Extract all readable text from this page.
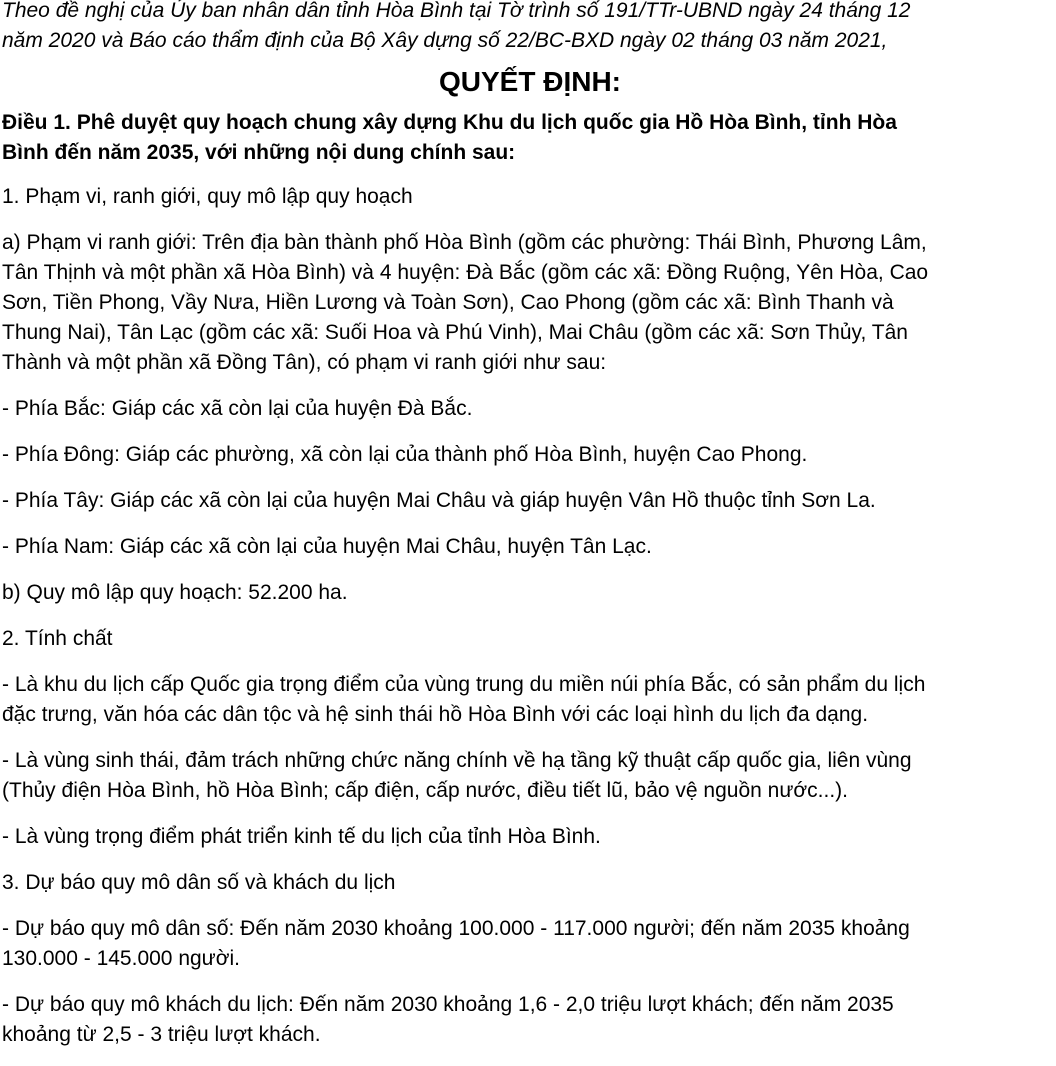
Theo đề nghị của Ủy ban nhân dân tỉnh Hòa Bình tại Tờ trình số 191/TTr-UBND ngày 24 tháng 12
năm 2020 và Báo cáo thẩm định của Bộ Xây dựng số 22/BC-BXD ngày 02 tháng 03 năm 2021,

QUYẾT ĐỊNH:

Điều 1. Phê duyệt quy hoạch chung xây dựng Khu du lịch quốc gia Hồ Hòa Bình, tỉnh Hòa
Bình đến năm 2035, với những nội dung chính sau:

1. Phạm vi, ranh giới, quy mô lập quy hoạch

a) Phạm vi ranh giới: Trên địa bàn thành phố Hòa Bình (gồm các phường: Thái Bình, Phương Lâm,
Tân Thịnh và một phần xã Hòa Bình) và 4 huyện: Đà Bắc (gồm các xã: Đồng Ruộng, Yên Hòa, Cao
Sơn, Tiền Phong, Vầy Nưa, Hiền Lương và Toàn Sơn), Cao Phong (gồm các xã: Bình Thanh và
Thung Nai), Tân Lạc (gồm các xã: Suối Hoa và Phú Vinh), Mai Châu (gồm các xã: Sơn Thủy, Tân
Thành và một phần xã Đồng Tân), có phạm vi ranh giới như sau:

- Phía Bắc: Giáp các xã còn lại của huyện Đà Bắc.

- Phía Đông: Giáp các phường, xã còn lại của thành phố Hòa Bình, huyện Cao Phong.

- Phía Tây: Giáp các xã còn lại của huyện Mai Châu và giáp huyện Vân Hồ thuộc tỉnh Sơn La.

- Phía Nam: Giáp các xã còn lại của huyện Mai Châu, huyện Tân Lạc.

b) Quy mô lập quy hoạch: 52.200 ha.

2. Tính chất

- Là khu du lịch cấp Quốc gia trọng điểm của vùng trung du miền núi phía Bắc, có sản phẩm du lịch
đặc trưng, văn hóa các dân tộc và hệ sinh thái hồ Hòa Bình với các loại hình du lịch đa dạng.

- Là vùng sinh thái, đảm trách những chức năng chính về hạ tầng kỹ thuật cấp quốc gia, liên vùng
(Thủy điện Hòa Bình, hồ Hòa Bình; cấp điện, cấp nước, điều tiết lũ, bảo vệ nguồn nước...).

- Là vùng trọng điểm phát triển kinh tế du lịch của tỉnh Hòa Bình.

3. Dự báo quy mô dân số và khách du lịch

- Dự báo quy mô dân số: Đến năm 2030 khoảng 100.000 - 117.000 người; đến năm 2035 khoảng
130.000 - 145.000 người.

- Dự báo quy mô khách du lịch: Đến năm 2030 khoảng 1,6 - 2,0 triệu lượt khách; đến năm 2035
khoảng từ 2,5 - 3 triệu lượt khách.
